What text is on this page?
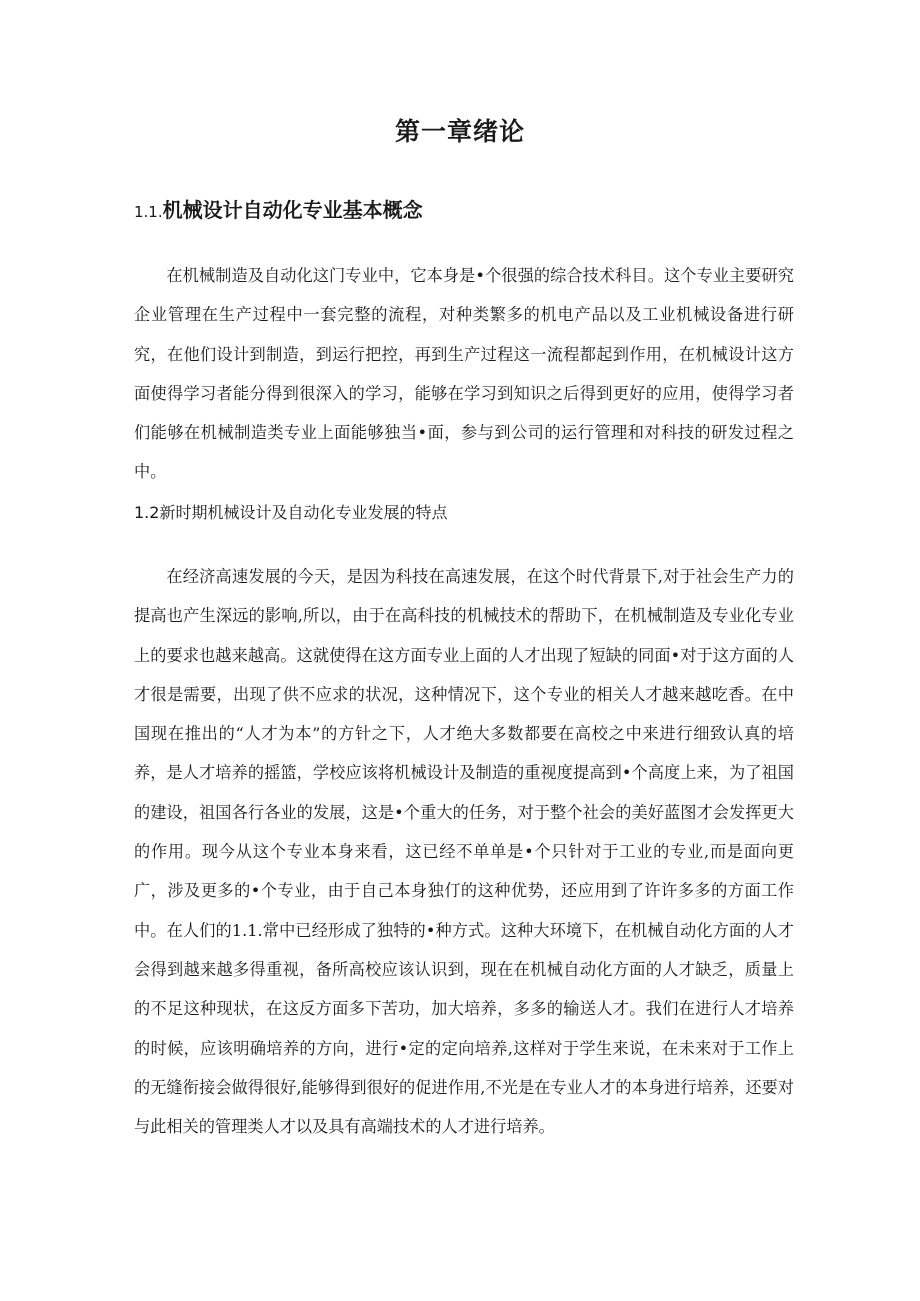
第一章绪论
1.1.机械设计自动化专业基本概念

在机械制造及自动化这门专业中，它本身是•个很强的综合技术科目。这个专业主要研究企业管理在生产过程中一套完整的流程，对种类繁多的机电产品以及工业机械设备进行研究，在他们设计到制造，到运行把控，再到生产过程这一流程都起到作用，在机械设计这方面使得学习者能分得到很深入的学习，能够在学习到知识之后得到更好的应用，使得学习者们能够在机械制造类专业上面能够独当•面，参与到公司的运行管理和对科技的研发过程之中。

1.2新时期机械设计及自动化专业发展的特点

在经济高速发展的今天，是因为科技在高速发展，在这个时代背景下,对于社会生产力的提高也产生深远的影响,所以，由于在高科技的机械技术的帮助下，在机械制造及专业化专业上的要求也越来越高。这就使得在这方面专业上面的人才出现了短缺的同面•对于这方面的人才很是需要，出现了供不应求的状况，这种情况下，这个专业的相关人才越来越吃香。在中国现在推出的“人才为本”的方针之下，人才绝大多数都要在高校之中来进行细致认真的培养，是人才培养的摇篮，学校应该将机械设计及制造的重视度提高到•个高度上来，为了祖国的建设，祖国各行各业的发展，这是•个重大的任务，对于整个社会的美好蓝图才会发挥更大的作用。现今从这个专业本身来看，这已经不单单是•个只针对于工业的专业,而是面向更广，涉及更多的•个专业，由于自己本身独仃的这种优势，还应用到了许许多多的方面工作中。在人们的1.1.常中已经形成了独特的•种方式。这种大环境下，在机械自动化方面的人才会得到越来越多得重视，备所高校应该认识到，现在在机械自动化方面的人才缺乏，质量上的不足这种现状，在这反方面多下苦功，加大培养，多多的输送人才。我们在进行人才培养的时候，应该明确培养的方向，进行•定的定向培养,这样对于学生来说，在未来对于工作上的无缝衔接会做得很好,能够得到很好的促进作用,不光是在专业人才的本身进行培养，还要对与此相关的管理类人才以及具有高端技术的人才进行培养。
